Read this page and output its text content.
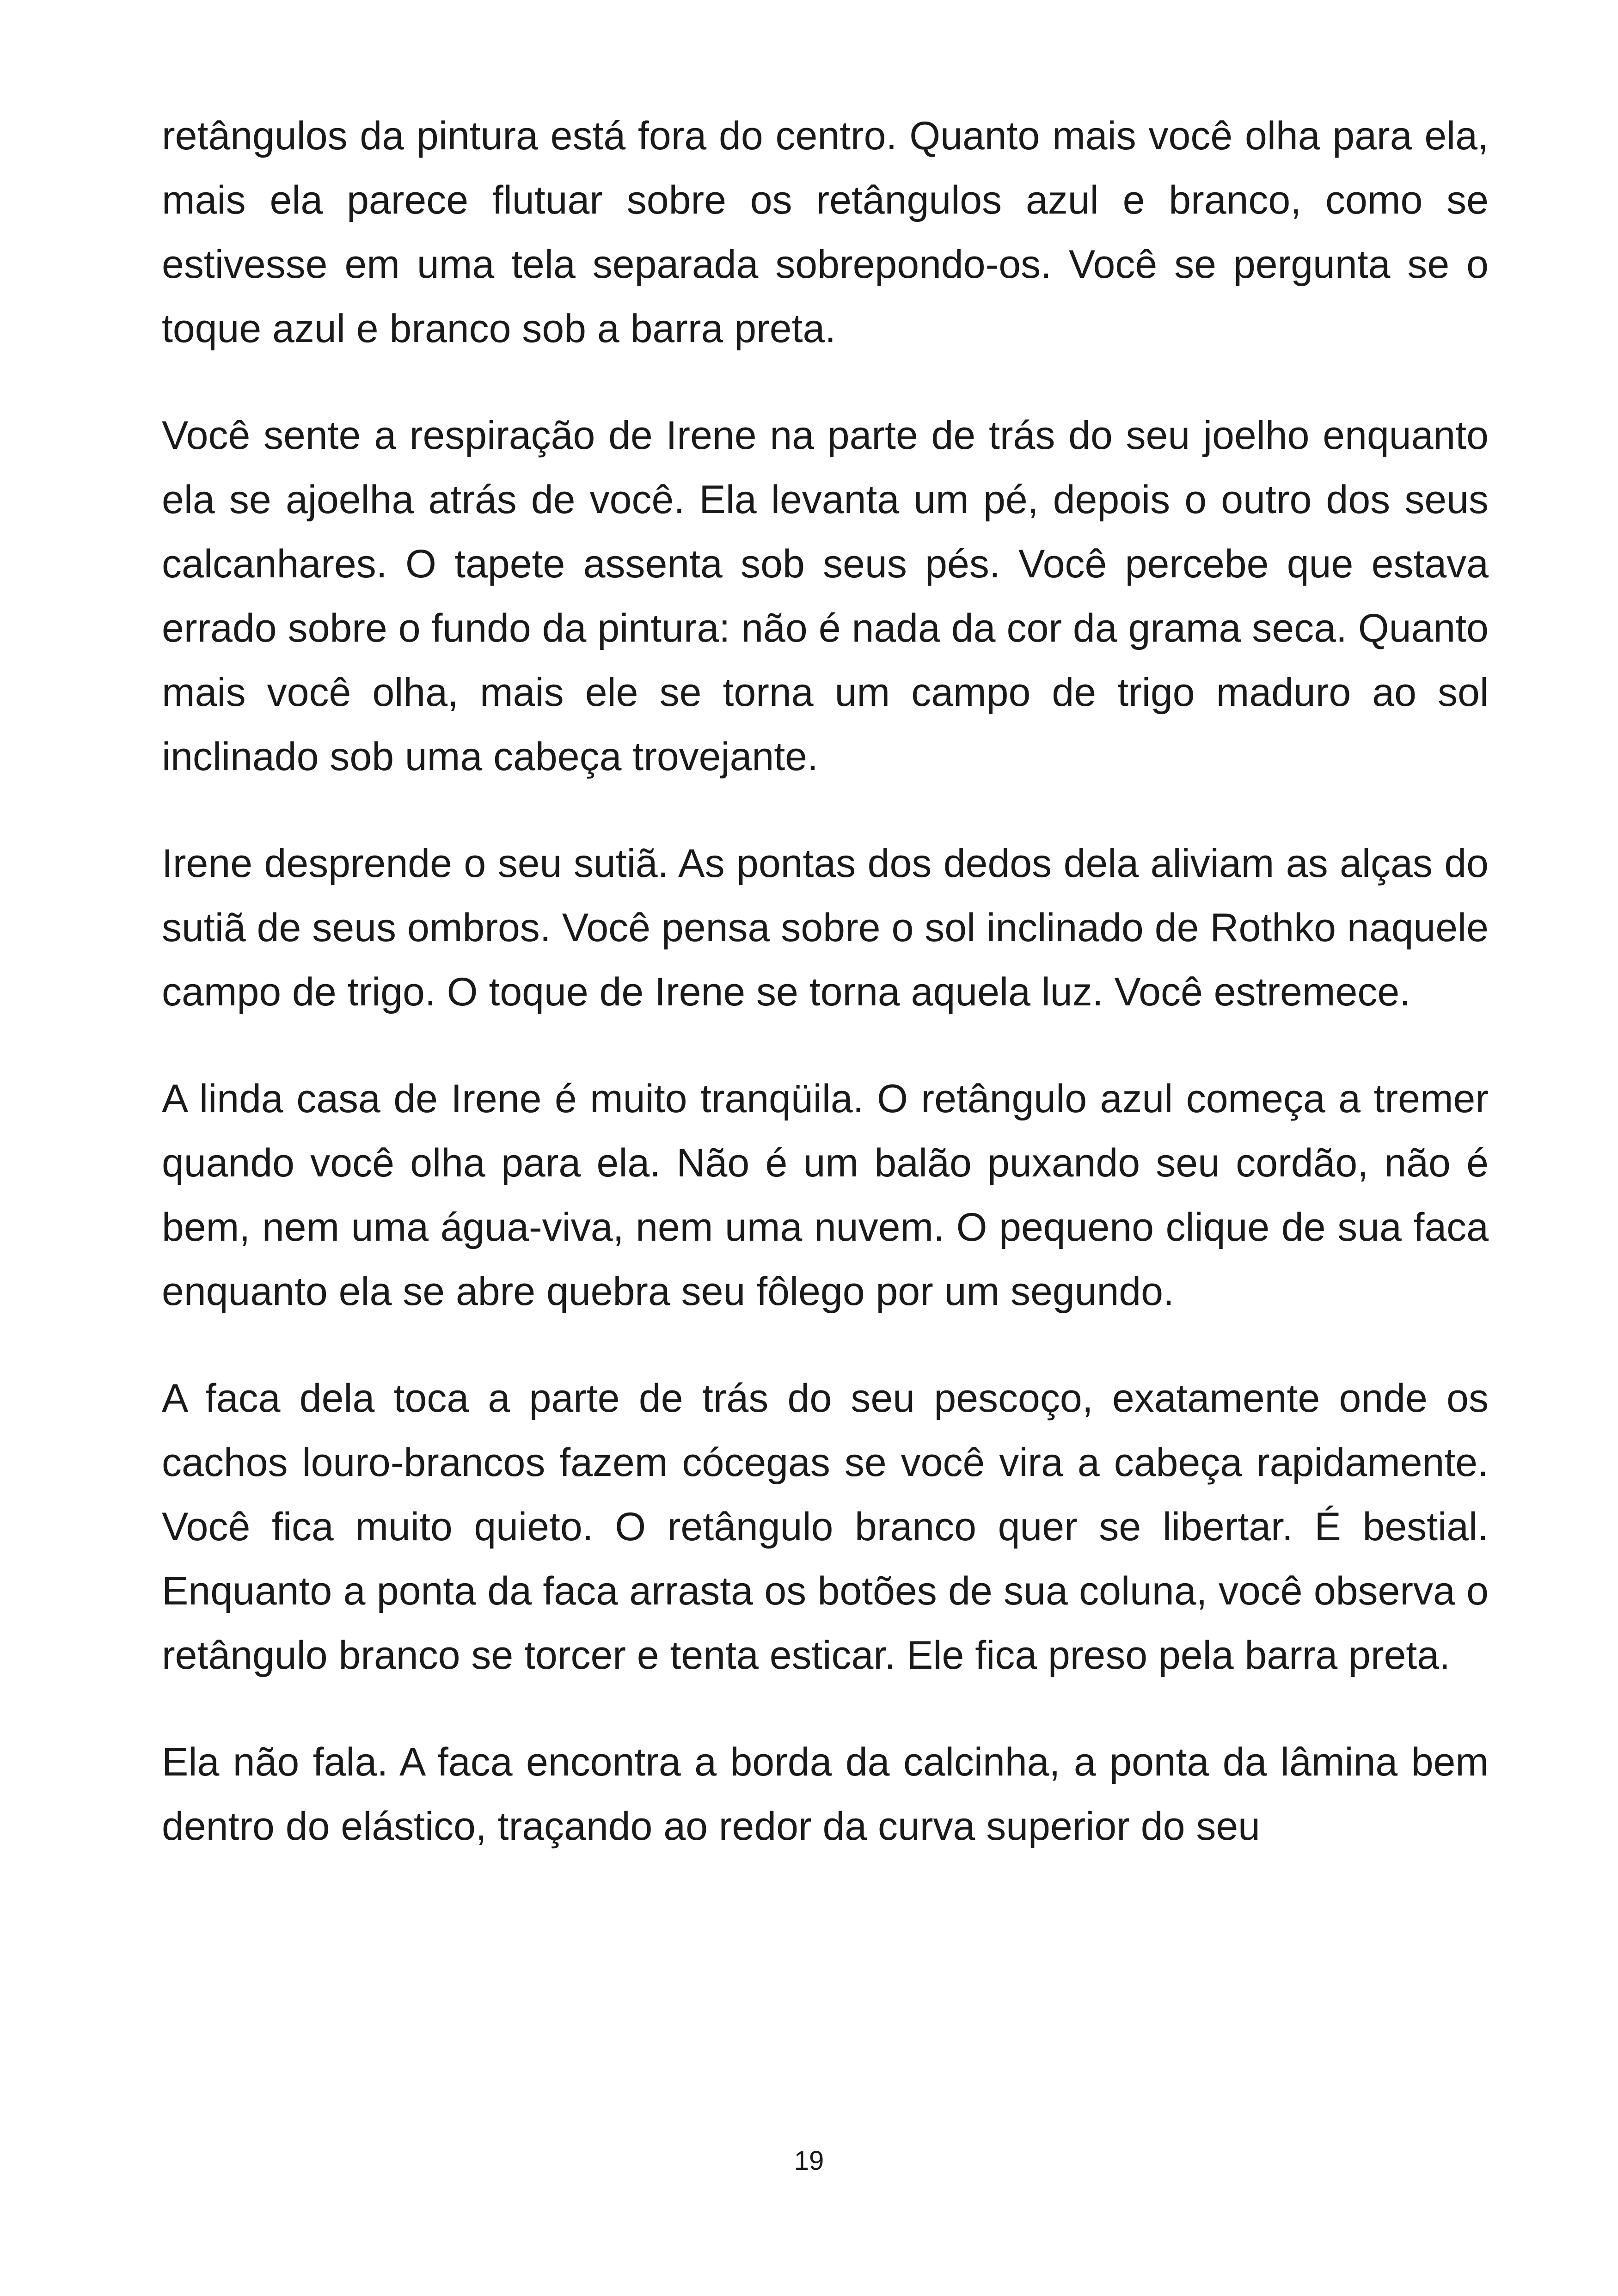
retângulos da pintura está fora do centro. Quanto mais você olha para ela, mais ela parece flutuar sobre os retângulos azul e branco, como se estivesse em uma tela separada sobrepondo-os. Você se pergunta se o toque azul e branco sob a barra preta.

Você sente a respiração de Irene na parte de trás do seu joelho enquanto ela se ajoelha atrás de você. Ela levanta um pé, depois o outro dos seus calcanhares. O tapete assenta sob seus pés. Você percebe que estava errado sobre o fundo da pintura: não é nada da cor da grama seca. Quanto mais você olha, mais ele se torna um campo de trigo maduro ao sol inclinado sob uma cabeça trovejante.

Irene desprende o seu sutiã. As pontas dos dedos dela aliviam as alças do sutiã de seus ombros. Você pensa sobre o sol inclinado de Rothko naquele campo de trigo. O toque de Irene se torna aquela luz. Você estremece.

A linda casa de Irene é muito tranqüila. O retângulo azul começa a tremer quando você olha para ela. Não é um balão puxando seu cordão, não é bem, nem uma água-viva, nem uma nuvem. O pequeno clique de sua faca enquanto ela se abre quebra seu fôlego por um segundo.

A faca dela toca a parte de trás do seu pescoço, exatamente onde os cachos louro-brancos fazem cócegas se você vira a cabeça rapidamente. Você fica muito quieto. O retângulo branco quer se libertar. É bestial. Enquanto a ponta da faca arrasta os botões de sua coluna, você observa o retângulo branco se torcer e tenta esticar. Ele fica preso pela barra preta.

Ela não fala. A faca encontra a borda da calcinha, a ponta da lâmina bem dentro do elástico, traçando ao redor da curva superior do seu

19
